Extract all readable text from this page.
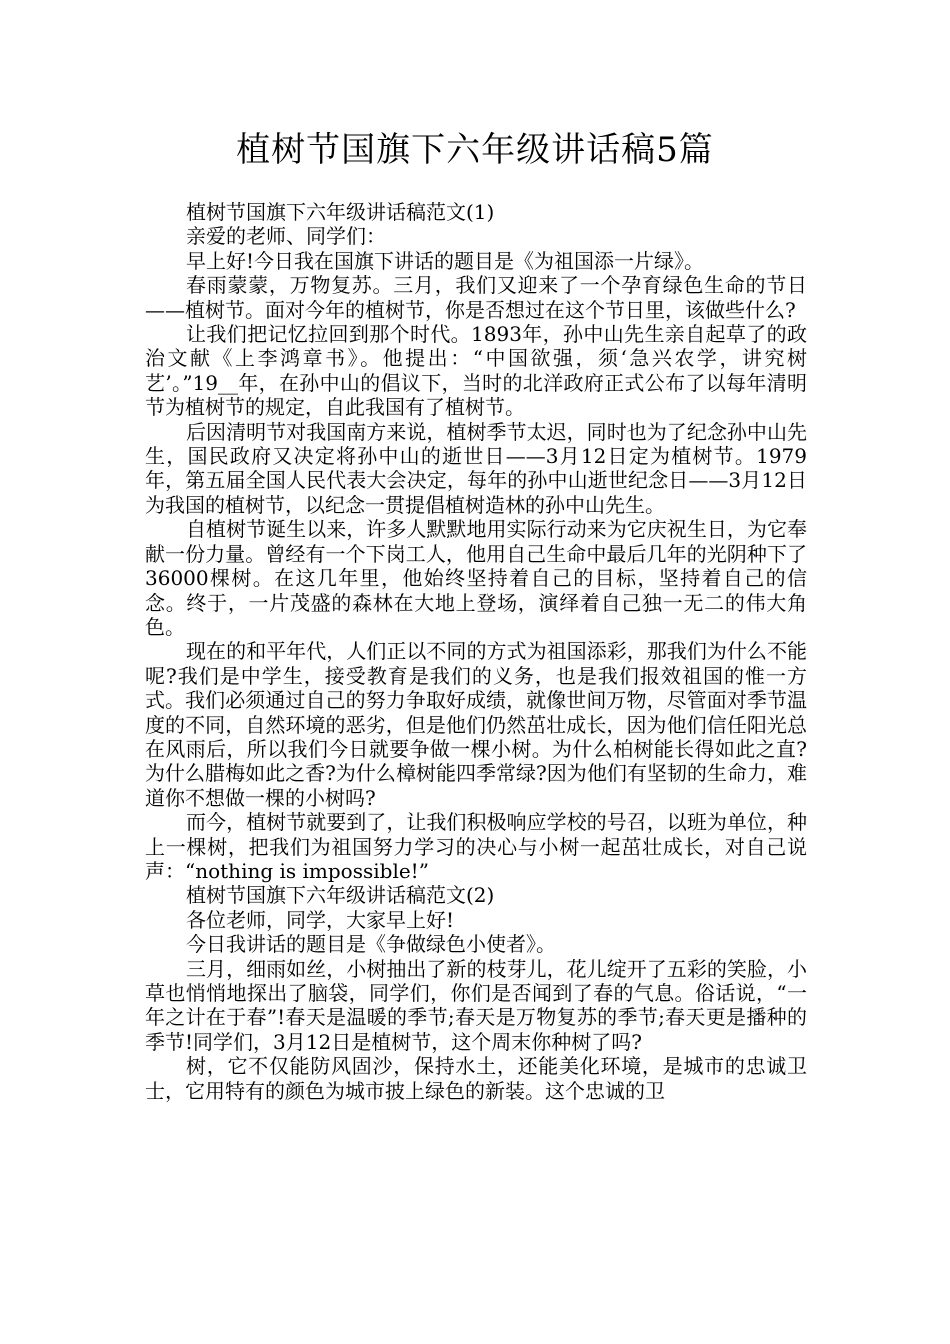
植树节国旗下六年级讲话稿5篇

植树节国旗下六年级讲话稿范文(1)

亲爱的老师、同学们：

早上好!今日我在国旗下讲话的题目是《为祖国添一片绿》。

春雨蒙蒙，万物复苏。三月，我们又迎来了一个孕育绿色生命的节日——植树节。面对今年的植树节，你是否想过在这个节日里，该做些什么?

让我们把记忆拉回到那个时代。1893年，孙中山先生亲自起草了的政治文献《上李鸿章书》。他提出：“中国欲强，须‘急兴农学，讲究树艺’。”19__年，在孙中山的倡议下，当时的北洋政府正式公布了以每年清明节为植树节的规定，自此我国有了植树节。

后因清明节对我国南方来说，植树季节太迟，同时也为了纪念孙中山先生，国民政府又决定将孙中山的逝世日——3月12日定为植树节。1979年，第五届全国人民代表大会决定，每年的孙中山逝世纪念日——3月12日为我国的植树节，以纪念一贯提倡植树造林的孙中山先生。

自植树节诞生以来，许多人默默地用实际行动来为它庆祝生日，为它奉献一份力量。曾经有一个下岗工人，他用自己生命中最后几年的光阴种下了36000棵树。在这几年里，他始终坚持着自己的目标，坚持着自己的信念。终于，一片茂盛的森林在大地上登场，演绎着自己独一无二的伟大角色。

现在的和平年代，人们正以不同的方式为祖国添彩，那我们为什么不能呢?我们是中学生，接受教育是我们的义务，也是我们报效祖国的惟一方式。我们必须通过自己的努力争取好成绩，就像世间万物，尽管面对季节温度的不同，自然环境的恶劣，但是他们仍然茁壮成长，因为他们信任阳光总在风雨后，所以我们今日就要争做一棵小树。为什么柏树能长得如此之直?为什么腊梅如此之香?为什么樟树能四季常绿?因为他们有坚韧的生命力，难道你不想做一棵的小树吗?

而今，植树节就要到了，让我们积极响应学校的号召，以班为单位，种上一棵树，把我们为祖国努力学习的决心与小树一起茁壮成长，对自己说声：“nothing is impossible!”

植树节国旗下六年级讲话稿范文(2)

各位老师，同学，大家早上好!

今日我讲话的题目是《争做绿色小使者》。

三月，细雨如丝，小树抽出了新的枝芽儿，花儿绽开了五彩的笑脸，小草也悄悄地探出了脑袋，同学们，你们是否闻到了春的气息。俗话说，“一年之计在于春”!春天是温暖的季节;春天是万物复苏的季节;春天更是播种的季节!同学们，3月12日是植树节，这个周末你种树了吗?

树，它不仅能防风固沙，保持水土，还能美化环境，是城市的忠诚卫士，它用特有的颜色为城市披上绿色的新装。这个忠诚的卫
